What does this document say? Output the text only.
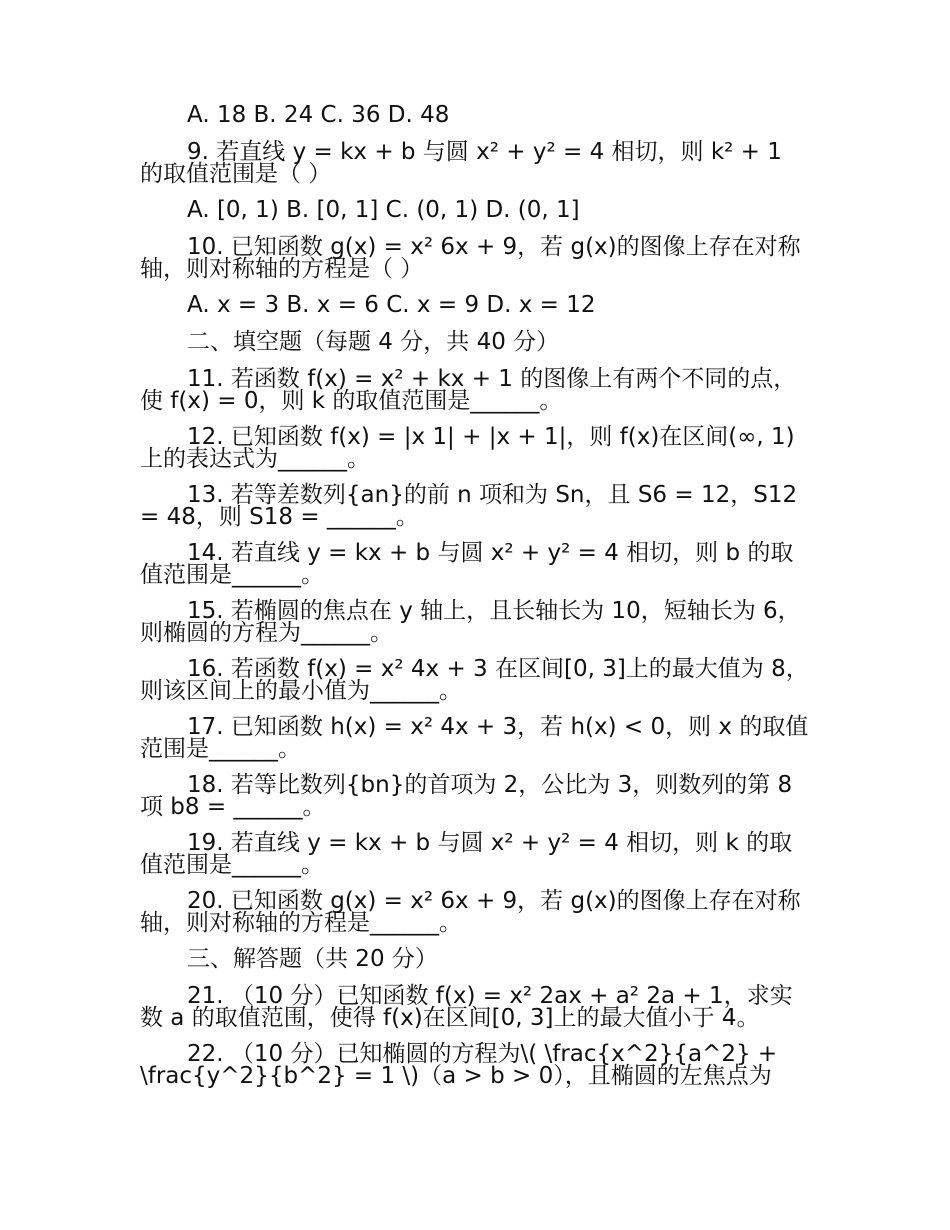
A. 18 B. 24 C. 36 D. 48

9. 若直线 y = kx + b 与圆 x² + y² = 4 相切，则 k² + 1 的取值范围是（ ）

A. [0, 1) B. [0, 1] C. (0, 1) D. (0, 1]

10. 已知函数 g(x) = x² 6x + 9，若 g(x)的图像上存在对称轴，则对称轴的方程是（ ）

A. x = 3 B. x = 6 C. x = 9 D. x = 12

二、填空题（每题 4 分，共 40 分）

11. 若函数 f(x) = x² + kx + 1 的图像上有两个不同的点，使 f(x) = 0，则 k 的取值范围是______。

12. 已知函数 f(x) = |x 1| + |x + 1|，则 f(x)在区间(∞, 1)上的表达式为______。

13. 若等差数列{an}的前 n 项和为 Sn，且 S6 = 12，S12 = 48，则 S18 = ______。

14. 若直线 y = kx + b 与圆 x² + y² = 4 相切，则 b 的取值范围是______。

15. 若椭圆的焦点在 y 轴上，且长轴长为 10，短轴长为 6，则椭圆的方程为______。

16. 若函数 f(x) = x² 4x + 3 在区间[0, 3]上的最大值为 8，则该区间上的最小值为______。

17. 已知函数 h(x) = x² 4x + 3，若 h(x) < 0，则 x 的取值范围是______。

18. 若等比数列{bn}的首项为 2，公比为 3，则数列的第 8 项 b8 = ______。

19. 若直线 y = kx + b 与圆 x² + y² = 4 相切，则 k 的取值范围是______。

20. 已知函数 g(x) = x² 6x + 9，若 g(x)的图像上存在对称轴，则对称轴的方程是______。

三、解答题（共 20 分）

21. （10 分）已知函数 f(x) = x² 2ax + a² 2a + 1，求实数 a 的取值范围，使得 f(x)在区间[0, 3]上的最大值小于 4。

22. （10 分）已知椭圆的方程为\( \frac{x^2}{a^2} + \frac{y^2}{b^2} = 1 \)（a > b > 0），且椭圆的左焦点为
